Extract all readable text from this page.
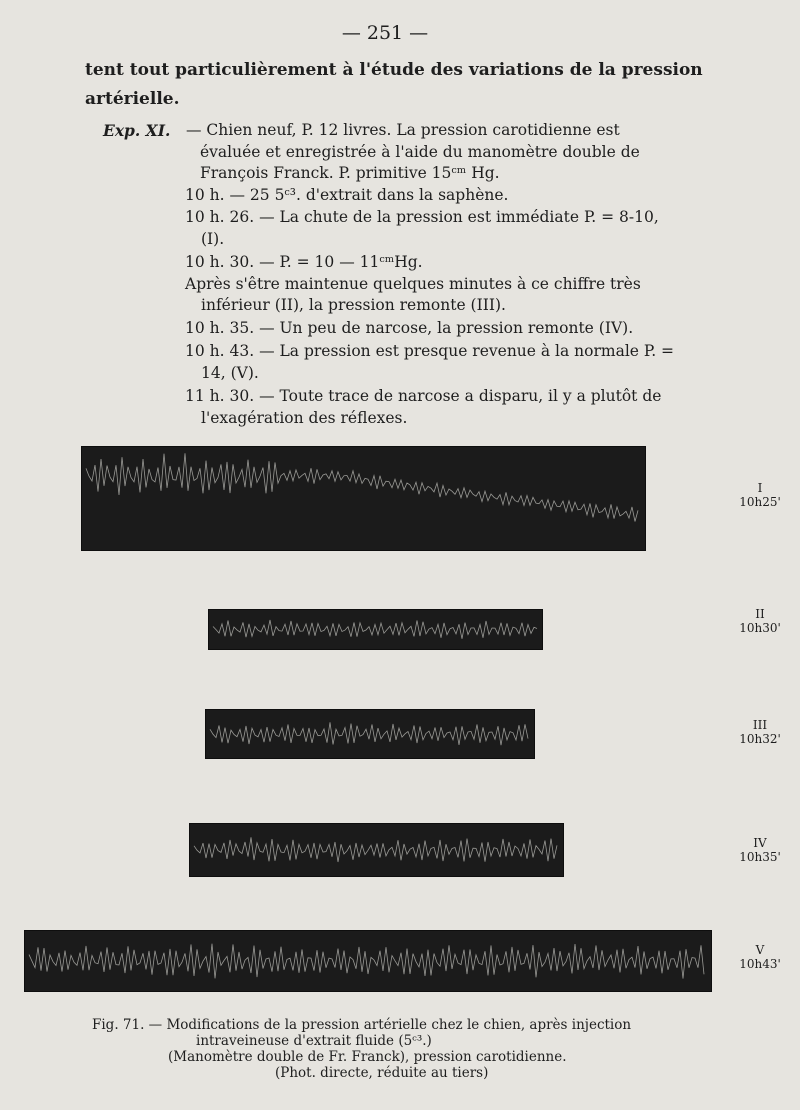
— 251 —
tent tout particulièrement à l'étude des variations de la pression
artérielle.
Exp. XI. — Chien neuf, P. 12 livres. La pression carotidienne est
évaluée et enregistrée à l'aide du manomètre double de
François Franck. P. primitive 15ᶜᵐ Hg.
10 h. — 25 5ᶜ³. d'extrait dans la saphène.
10 h. 26. — La chute de la pression est immédiate P. = 8-10,
(I).
10 h. 30. — P. = 10 — 11ᶜᵐHg.
Après s'être maintenue quelques minutes à ce chiffre très
inférieur (II), la pression remonte (III).
10 h. 35. — Un peu de narcose, la pression remonte (IV).
10 h. 43. — La pression est presque revenue à la normale P. =
14, (V).
11 h. 30. — Toute trace de narcose a disparu, il y a plutôt de
l'exagération des réflexes.
I
10h25'
II
10h30'
III
10h32'
IV
10h35'
V
10h43'
Fig. 71. — Modifications de la pression artérielle chez le chien, après injection
intraveineuse d'extrait fluide (5ᶜ³.)
(Manomètre double de Fr. Franck), pression carotidienne.
(Phot. directe, réduite au tiers)
